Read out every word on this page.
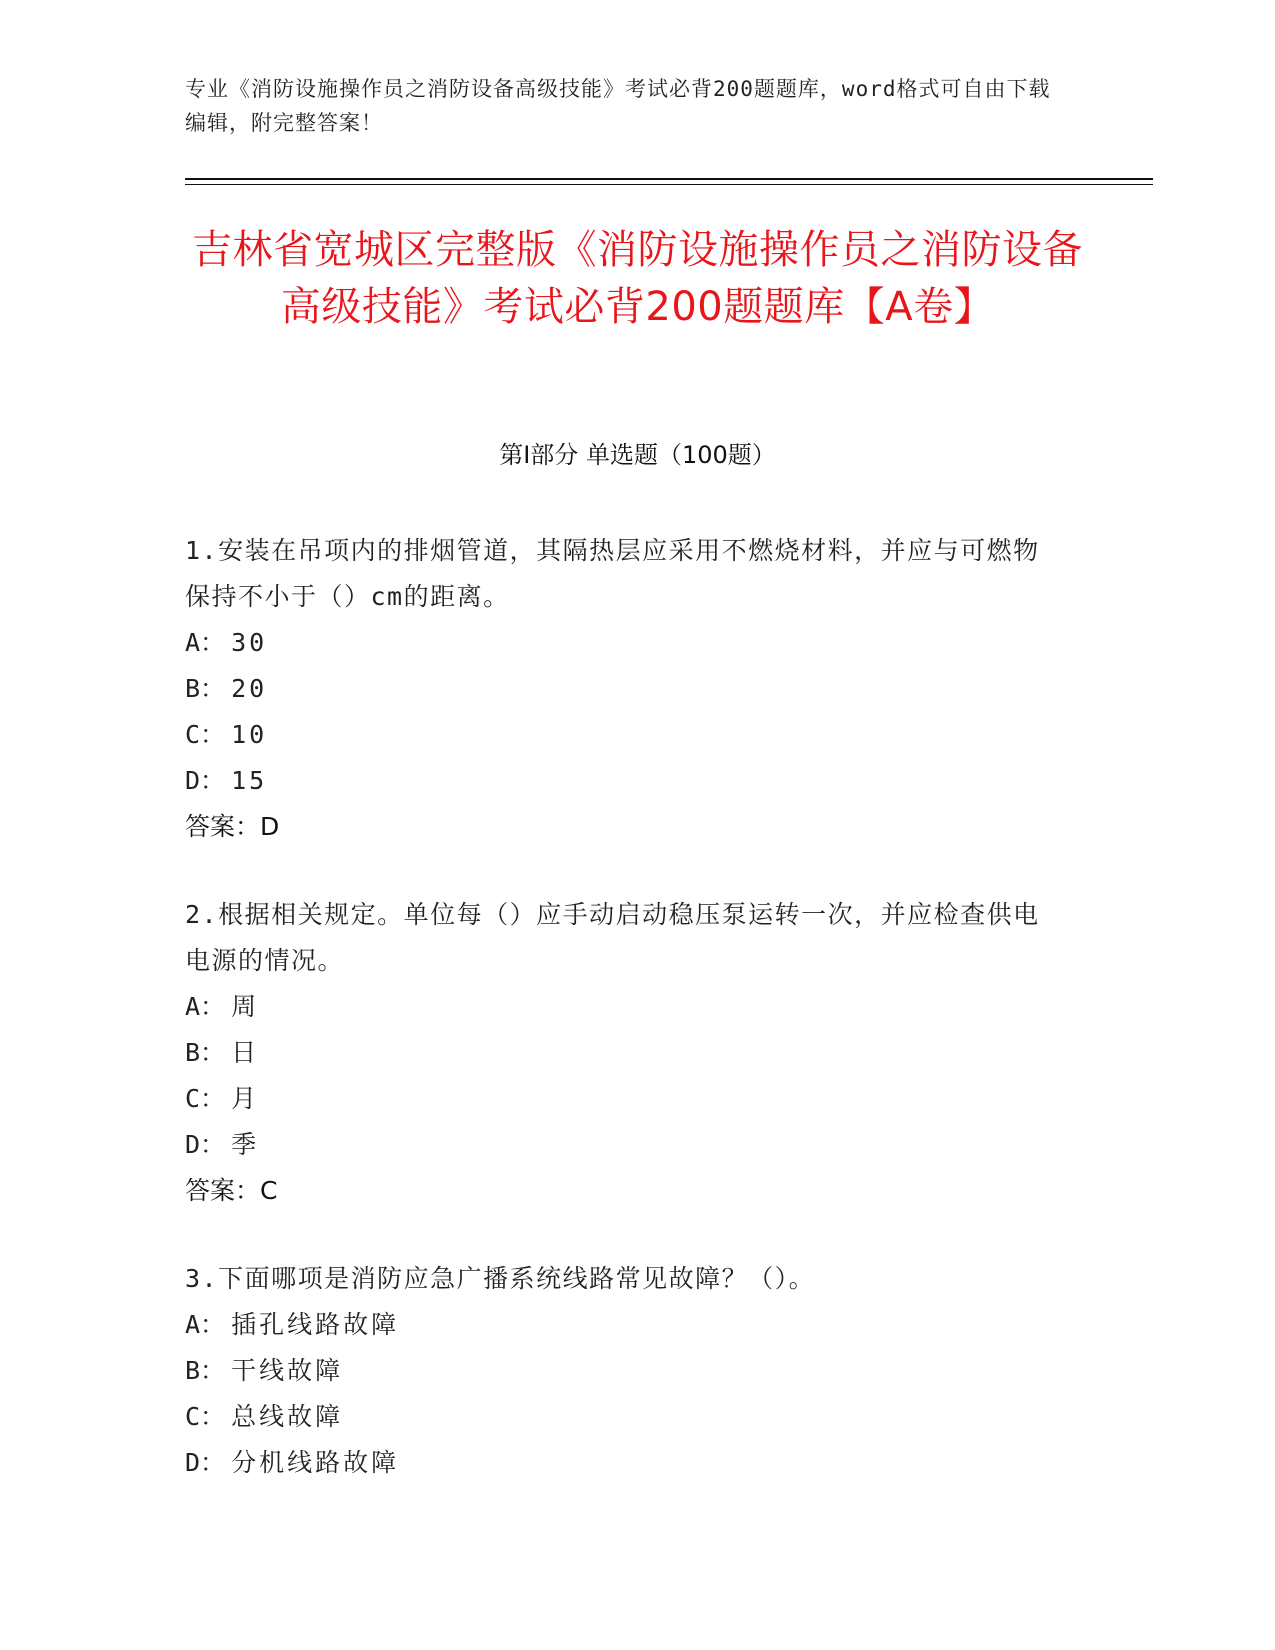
专业《消防设施操作员之消防设备高级技能》考试必背200题题库，word格式可自由下载编辑，附完整答案！
吉林省宽城区完整版《消防设施操作员之消防设备高级技能》考试必背200题题库【A卷】
第I部分 单选题（100题）

1.安装在吊项内的排烟管道，其隔热层应采用不燃烧材料，并应与可燃物保持不小于（）cm的距离。

A： 30

B： 20

C： 10

D： 15

答案：D

2.根据相关规定。单位每（）应手动启动稳压泵运转一次，并应检查供电电源的情况。

A： 周

B： 日

C： 月

D： 季

答案：C

3.下面哪项是消防应急广播系统线路常见故障？（）。

A： 插孔线路故障

B： 干线故障

C： 总线故障

D： 分机线路故障
